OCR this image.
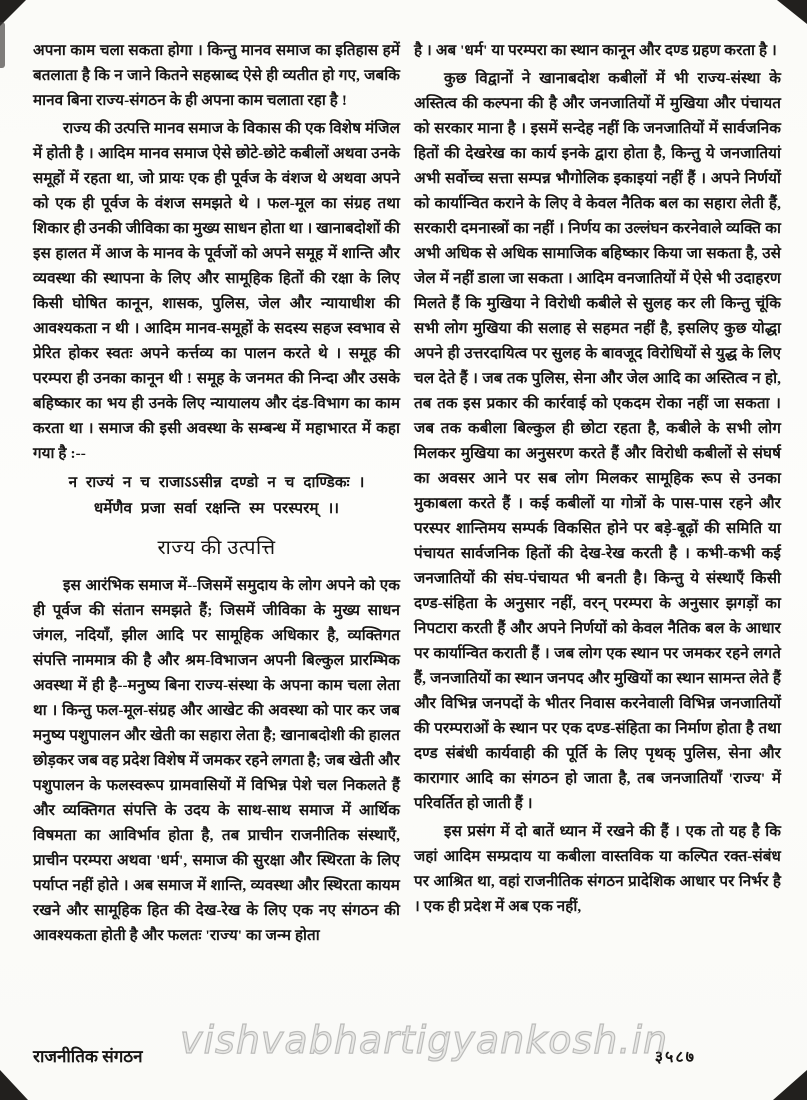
अपना काम चला सकता होगा । किन्तु मानव समाज का इतिहास हमें बतलाता है कि न जाने कितने सहस्राब्द ऐसे ही व्यतीत हो गए, जबकि मानव बिना राज्य-संगठन के ही अपना काम चलाता रहा है !

राज्य की उत्पत्ति मानव समाज के विकास की एक विशेष मंजिल में होती है । आदिम मानव समाज ऐसे छोटे-छोटे कबीलों अथवा उनके समूहों में रहता था, जो प्रायः एक ही पूर्वज के वंशज थे अथवा अपने को एक ही पूर्वज के वंशज समझते थे । फल-मूल का संग्रह तथा शिकार ही उनकी जीविका का मुख्य साधन होता था । खानाबदोशों की इस हालत में आज के मानव के पूर्वजों को अपने समूह में शान्ति और व्यवस्था की स्थापना के लिए और सामूहिक हितों की रक्षा के लिए किसी घोषित कानून, शासक, पुलिस, जेल और न्यायाधीश की आवश्यकता न थी । आदिम मानव-समूहों के सदस्य सहज स्वभाव से प्रेरित होकर स्वतः अपने कर्त्तव्य का पालन करते थे । समूह की परम्परा ही उनका कानून थी ! समूह के जनमत की निन्दा और उसके बहिष्कार का भय ही उनके लिए न्यायालय और दंड-विभाग का काम करता था । समाज की इसी अवस्था के सम्बन्ध में महाभारत में कहा गया है :--

न राज्यं न च राजाऽऽसीन्न दण्डो न च दाण्डिकः ।
धर्मेणैव प्रजा सर्वा रक्षन्ति स्म परस्परम् ।।
राज्य की उत्पत्ति

इस आरंभिक समाज में--जिसमें समुदाय के लोग अपने को एक ही पूर्वज की संतान समझते हैं; जिसमें जीविका के मुख्य साधन जंगल, नदियाँ, झील आदि पर सामूहिक अधिकार है, व्यक्तिगत संपत्ति नाममात्र की है और श्रम-विभाजन अपनी बिल्कुल प्रारम्भिक अवस्था में ही है--मनुष्य बिना राज्य-संस्था के अपना काम चला लेता था । किन्तु फल-मूल-संग्रह और आखेट की अवस्था को पार कर जब मनुष्य पशुपालन और खेती का सहारा लेता है; खानाबदोशी की हालत छोड़कर जब वह प्रदेश विशेष में जमकर रहने लगता है; जब खेती और पशुपालन के फलस्वरूप ग्रामवासियों में विभिन्न पेशे चल निकलते हैं और व्यक्तिगत संपत्ति के उदय के साथ-साथ समाज में आर्थिक विषमता का आविर्भाव होता है, तब प्राचीन राजनीतिक संस्थाएँ, प्राचीन परम्परा अथवा 'धर्म', समाज की सुरक्षा और स्थिरता के लिए पर्याप्त नहीं होते । अब समाज में शान्ति, व्यवस्था और स्थिरता कायम रखने और सामूहिक हित की देख-रेख के लिए एक नए संगठन की आवश्यकता होती है और फलतः 'राज्य' का जन्म होता

है । अब 'धर्म' या परम्परा का स्थान कानून और दण्ड ग्रहण करता है ।

कुछ विद्वानों ने खानाबदोश कबीलों में भी राज्य-संस्था के अस्तित्व की कल्पना की है और जनजातियों में मुखिया और पंचायत को सरकार माना है । इसमें सन्देह नहीं कि जनजातियों में सार्वजनिक हितों की देखरेख का कार्य इनके द्वारा होता है, किन्तु ये जनजातियां अभी सर्वोच्च सत्ता सम्पन्न भौगोलिक इकाइयां नहीं हैं । अपने निर्णयों को कार्यान्वित कराने के लिए वे केवल नैतिक बल का सहारा लेती हैं, सरकारी दमनास्त्रों का नहीं । निर्णय का उल्लंघन करनेवाले व्यक्ति का अभी अधिक से अधिक सामाजिक बहिष्कार किया जा सकता है, उसे जेल में नहीं डाला जा सकता । आदिम वनजातियों में ऐसे भी उदाहरण मिलते हैं कि मुखिया ने विरोधी कबीले से सुलह कर ली किन्तु चूंकि सभी लोग मुखिया की सलाह से सहमत नहीं है, इसलिए कुछ योद्धा अपने ही उत्तरदायित्व पर सुलह के बावजूद विरोधियों से युद्ध के लिए चल देते हैं । जब तक पुलिस, सेना और जेल आदि का अस्तित्व न हो, तब तक इस प्रकार की कार्रवाई को एकदम रोका नहीं जा सकता । जब तक कबीला बिल्कुल ही छोटा रहता है, कबीले के सभी लोग मिलकर मुखिया का अनुसरण करते हैं और विरोधी कबीलों से संघर्ष का अवसर आने पर सब लोग मिलकर सामूहिक रूप से उनका मुकाबला करते हैं । कई कबीलों या गोत्रों के पास-पास रहने और परस्पर शान्तिमय सम्पर्क विकसित होने पर बड़े-बूढ़ों की समिति या पंचायत सार्वजनिक हितों की देख-रेख करती है । कभी-कभी कई जनजातियों की संघ-पंचायत भी बनती है। किन्तु ये संस्थाएँ किसी दण्ड-संहिता के अनुसार नहीं, वरन् परम्परा के अनुसार झगड़ों का निपटारा करती हैं और अपने निर्णयों को केवल नैतिक बल के आधार पर कार्यान्वित कराती हैं । जब लोग एक स्थान पर जमकर रहने लगते हैं, जनजातियों का स्थान जनपद और मुखियों का स्थान सामन्त लेते हैं और विभिन्न जनपदों के भीतर निवास करनेवाली विभिन्न जनजातियों की परम्पराओं के स्थान पर एक दण्ड-संहिता का निर्माण होता है तथा दण्ड संबंधी कार्यवाही की पूर्ति के लिए पृथक् पुलिस, सेना और कारागार आदि का संगठन हो जाता है, तब जनजातियाँ 'राज्य' में परिवर्तित हो जाती हैं ।

इस प्रसंग में दो बातें ध्यान में रखने की हैं । एक तो यह है कि जहां आदिम सम्प्रदाय या कबीला वास्तविक या कल्पित रक्त-संबंध पर आश्रित था, वहां राजनीतिक संगठन प्रादेशिक आधार पर निर्भर है । एक ही प्रदेश में अब एक नहीं,

राजनीतिक संगठन	३५८७
vishvabhartigyankosh.in
